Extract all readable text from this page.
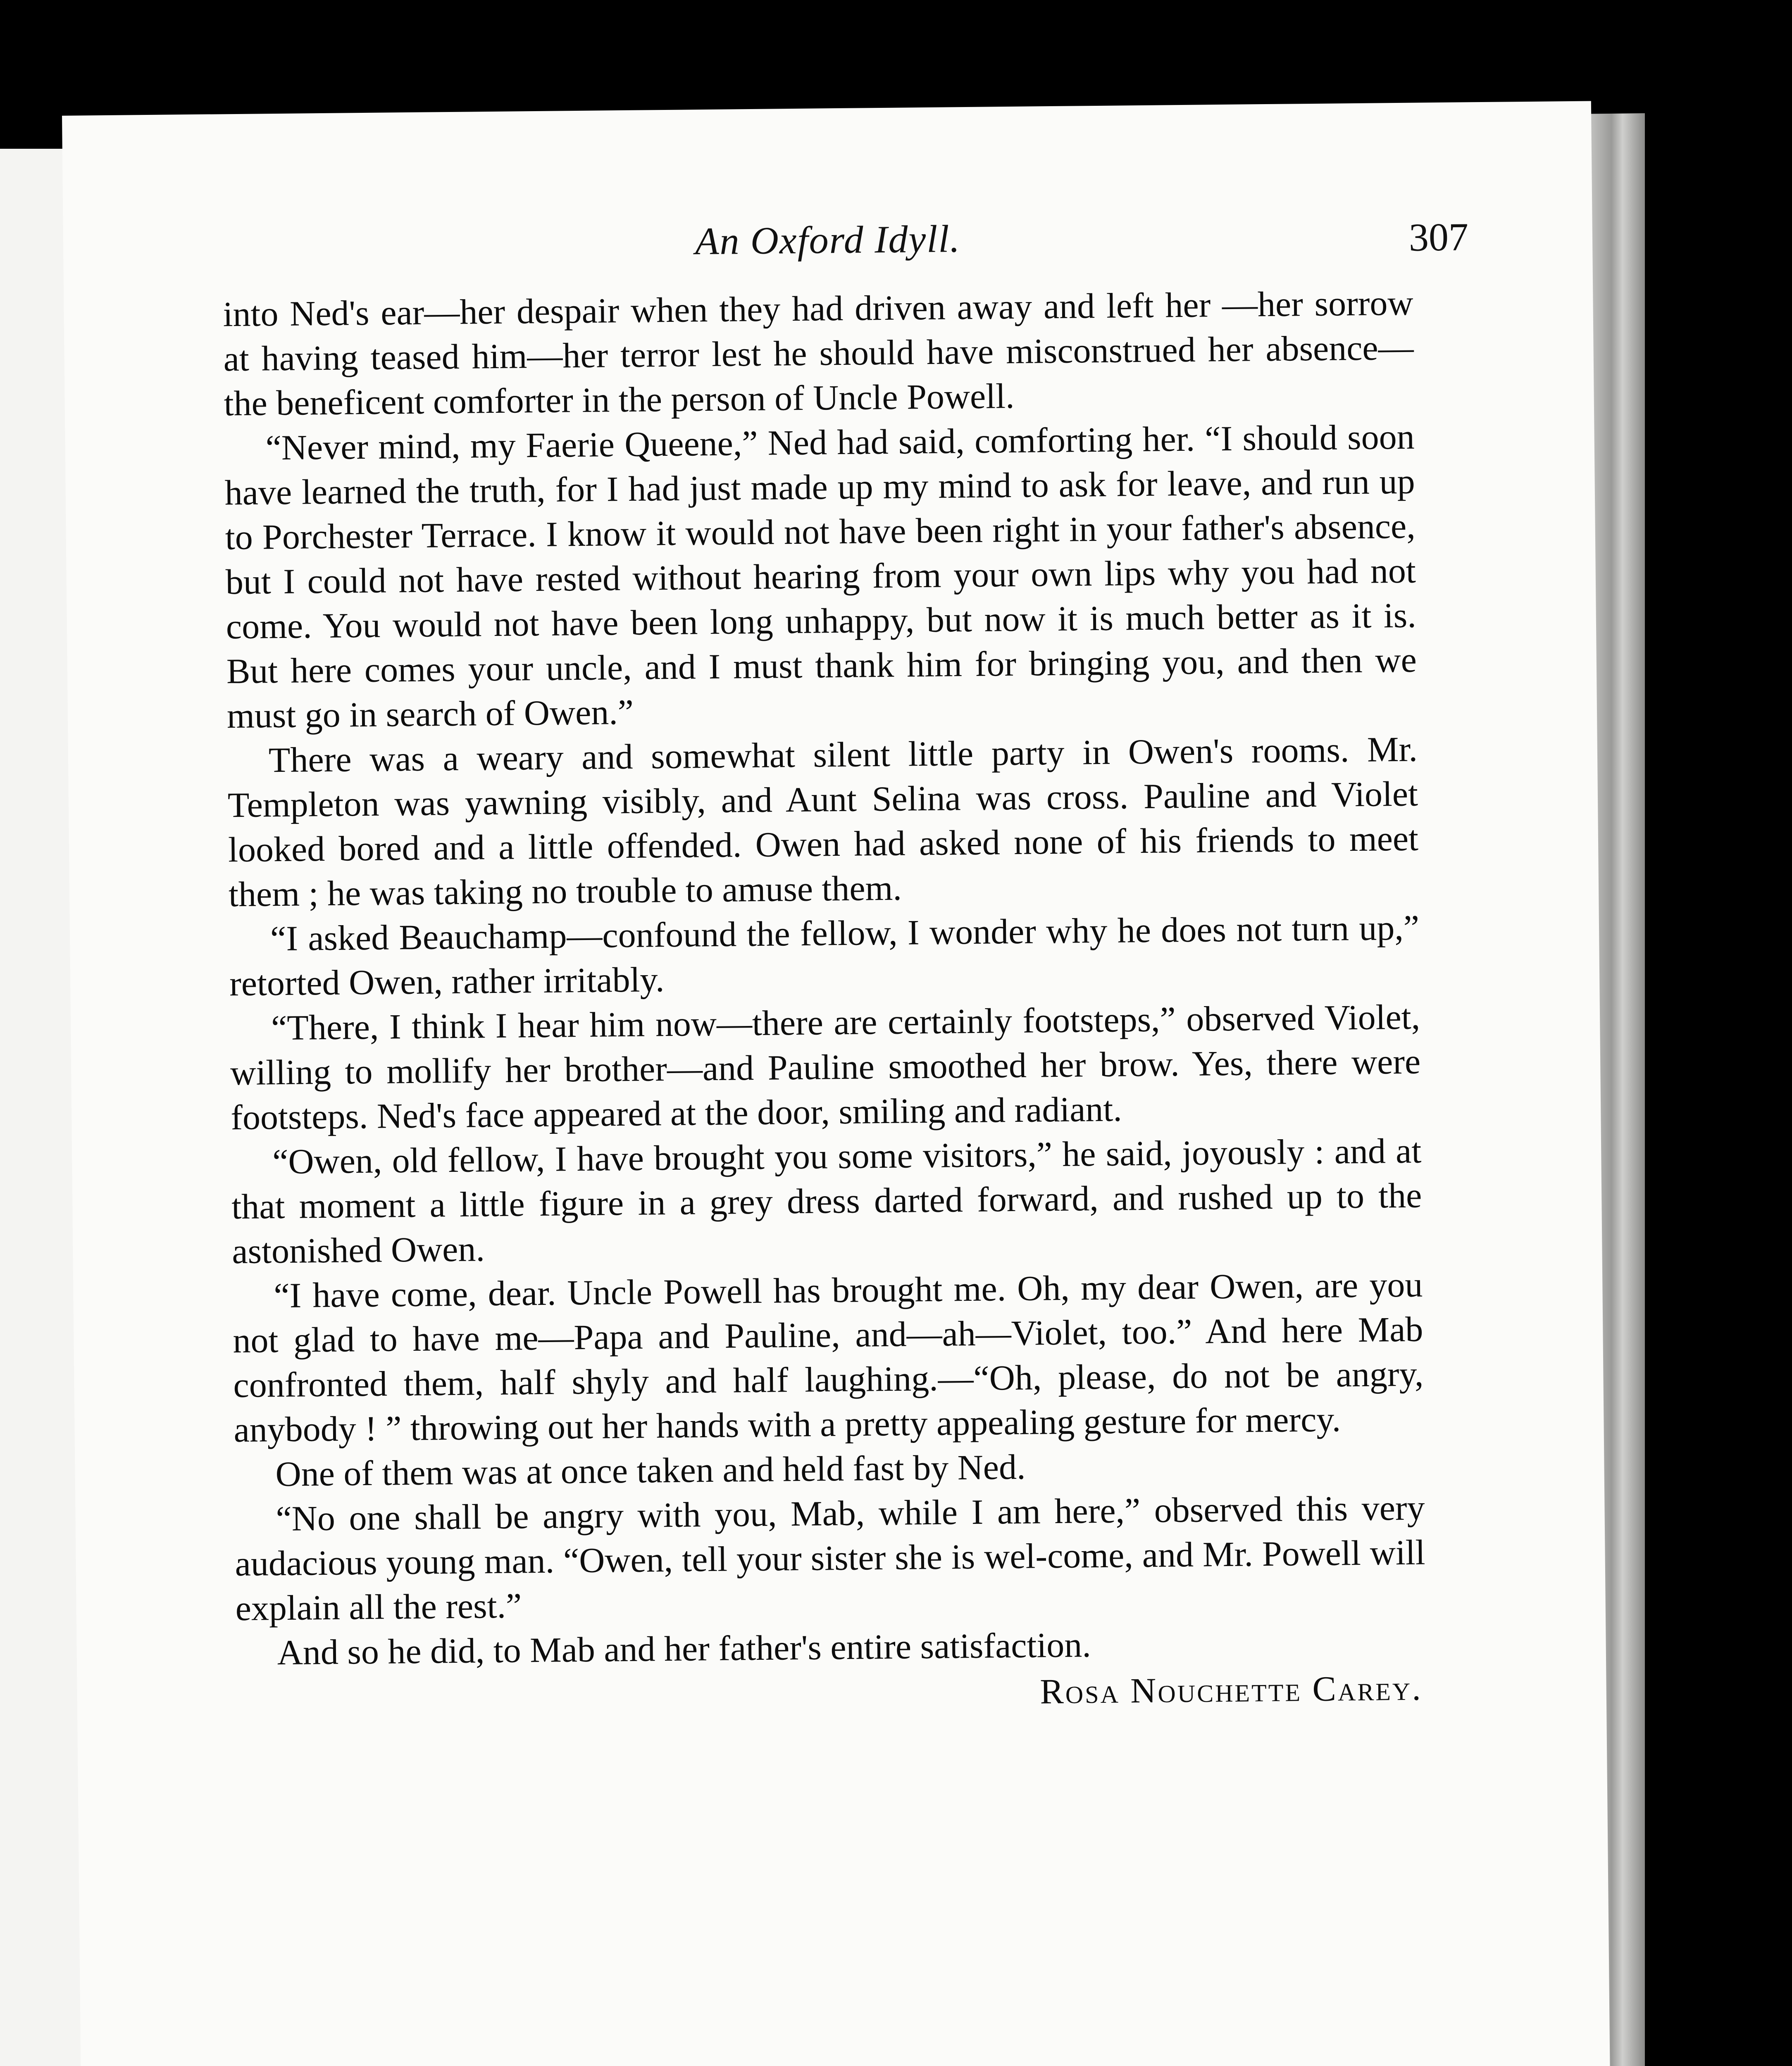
An Oxford Idyll.	307

into Ned's ear—her despair when they had driven away and left her —her sorrow at having teased him—her terror lest he should have misconstrued her absence—the beneficent comforter in the person of Uncle Powell.

“Never mind, my Faerie Queene,” Ned had said, comforting her. “I should soon have learned the truth, for I had just made up my mind to ask for leave, and run up to Porchester Terrace. I know it would not have been right in your father's absence, but I could not have rested without hearing from your own lips why you had not come. You would not have been long unhappy, but now it is much better as it is. But here comes your uncle, and I must thank him for bringing you, and then we must go in search of Owen.”

There was a weary and somewhat silent little party in Owen's rooms. Mr. Templeton was yawning visibly, and Aunt Selina was cross. Pauline and Violet looked bored and a little offended. Owen had asked none of his friends to meet them ; he was taking no trouble to amuse them.

“I asked Beauchamp—confound the fellow, I wonder why he does not turn up,” retorted Owen, rather irritably.

“There, I think I hear him now—there are certainly footsteps,” observed Violet, willing to mollify her brother—and Pauline smoothed her brow. Yes, there were footsteps. Ned's face appeared at the door, smiling and radiant.

“Owen, old fellow, I have brought you some visitors,” he said, joyously : and at that moment a little figure in a grey dress darted forward, and rushed up to the astonished Owen.

“I have come, dear. Uncle Powell has brought me. Oh, my dear Owen, are you not glad to have me—Papa and Pauline, and—ah—Violet, too.” And here Mab confronted them, half shyly and half laughing.—“Oh, please, do not be angry, anybody ! ” throwing out her hands with a pretty appealing gesture for mercy.

One of them was at once taken and held fast by Ned.

“No one shall be angry with you, Mab, while I am here,” observed this very audacious young man. “Owen, tell your sister she is wel-come, and Mr. Powell will explain all the rest.”

And so he did, to Mab and her father's entire satisfaction.

Rosa Nouchette Carey.
